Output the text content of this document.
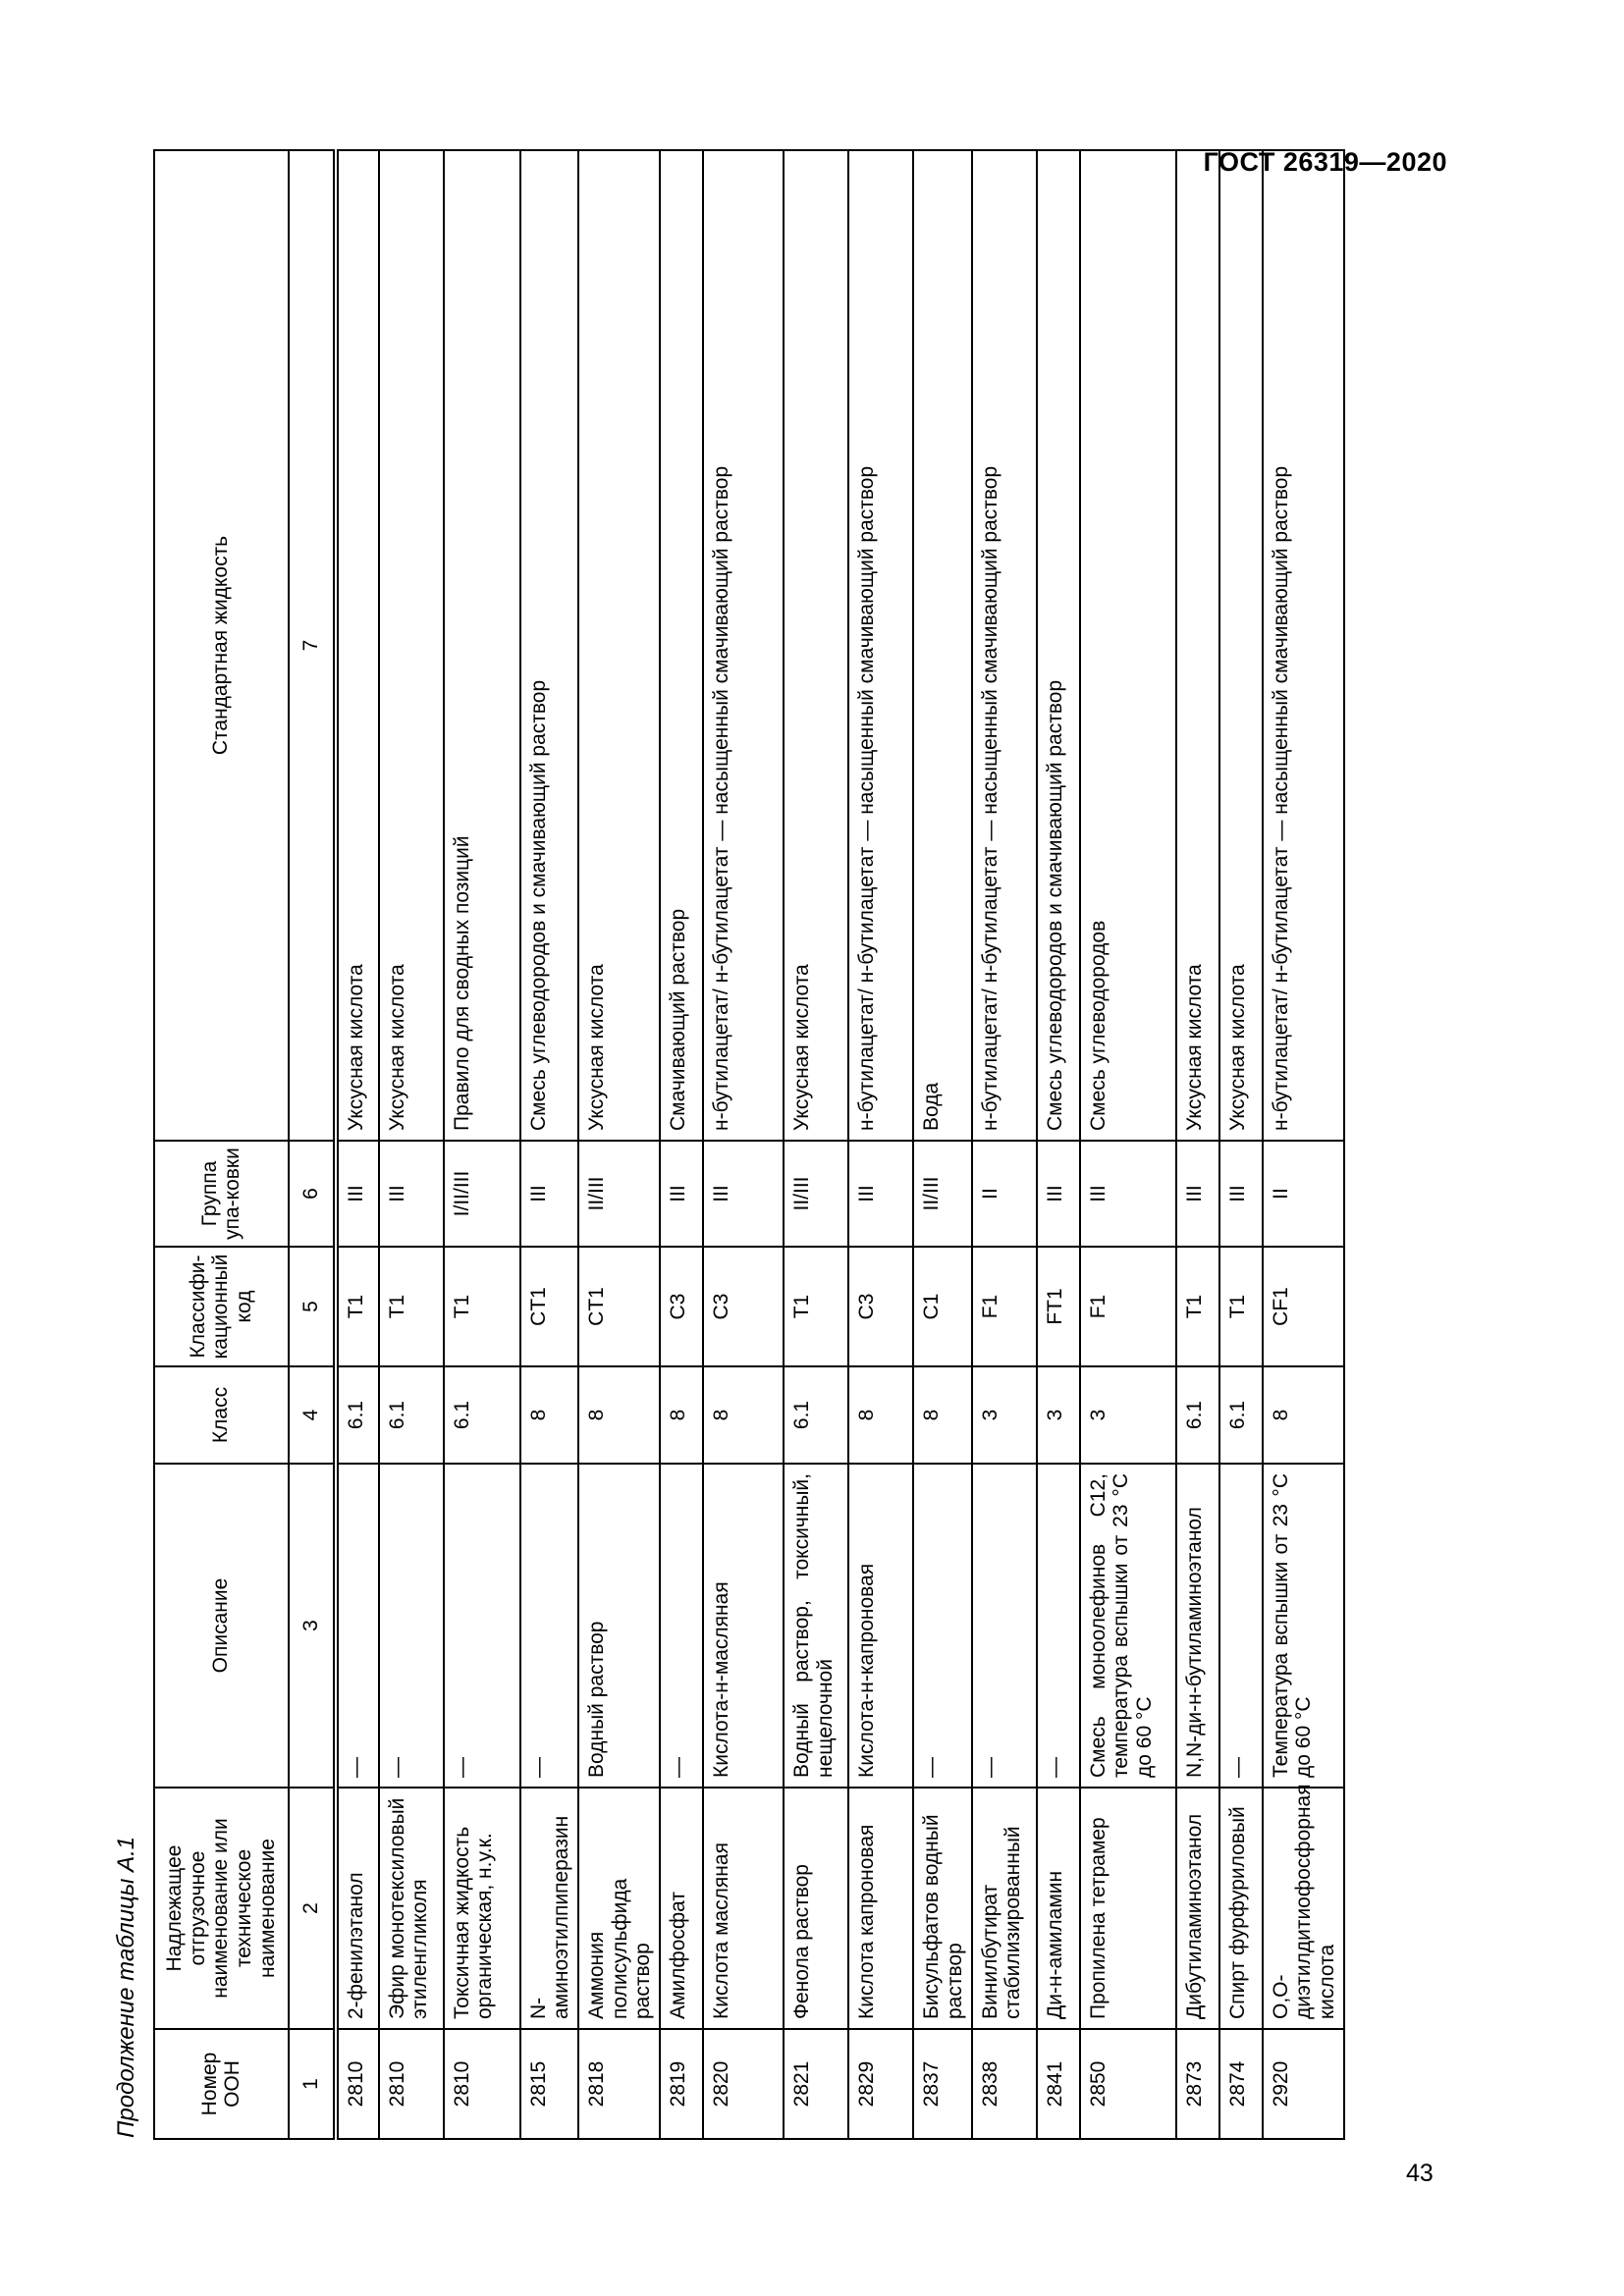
ГОСТ 26319—2020
43
Продолжение таблицы А.1	Номер ООН	Надлежащее отгрузочное наименование или техническое наименование	Описание	Класс	Классифи-кационный код	Группа упа-ковки	Стандартная жидкость
1	2	3	4	5	6	7
2810	2-фенилэтанол	—	6.1	T1	III	Уксусная кислота
2810	Эфир монотексиловый этиленгликоля	—	6.1	T1	III	Уксусная кислота
2810	Токсичная жидкость органическая, н.у.к.	—	6.1	T1	I/II/III	Правило для сводных позиций
2815	N-аминоэтилпиперазин	—	8	CT1	III	Смесь углеводородов и смачивающий раствор
2818	Аммония полисульфида раствор	Водный раствор	8	CT1	II/III	Уксусная кислота
2819	Амилфосфат	—	8	C3	III	Смачивающий раствор
2820	Кислота масляная	Кислота-н-масляная	8	C3	III	н-бутилацетат/ н-бутилацетат — насыщенный смачивающий раствор
2821	Фенола раствор	Водный раствор, токсичный, нещелочной	6.1	T1	II/III	Уксусная кислота
2829	Кислота капроновая	Кислота-н-капроновая	8	C3	III	н-бутилацетат/ н-бутилацетат — насыщенный смачивающий раствор
2837	Бисульфатов водный раствор	—	8	C1	II/III	Вода
2838	Винилбутират стабилизированный	—	3	F1	II	н-бутилацетат/ н-бутилацетат — насыщенный смачивающий раствор
2841	Ди-н-амиламин	—	3	FT1	III	Смесь углеводородов и смачивающий раствор
2850	Пропилена тетрамер	Смесь моноолефинов C12, температура вспышки от 23 °С до 60 °С	3	F1	III	Смесь углеводородов
2873	Дибутиламиноэтанол	N,N-ди-н-бутиламиноэтанол	6.1	T1	III	Уксусная кислота
2874	Спирт фурфуриловый	—	6.1	T1	III	Уксусная кислота
2920	O,O-диэтилдитиофосфорная кислота	Температура вспышки от 23 °С до 60 °С	8	CF1	II	н-бутилацетат/ н-бутилацетат — насыщенный смачивающий раствор
